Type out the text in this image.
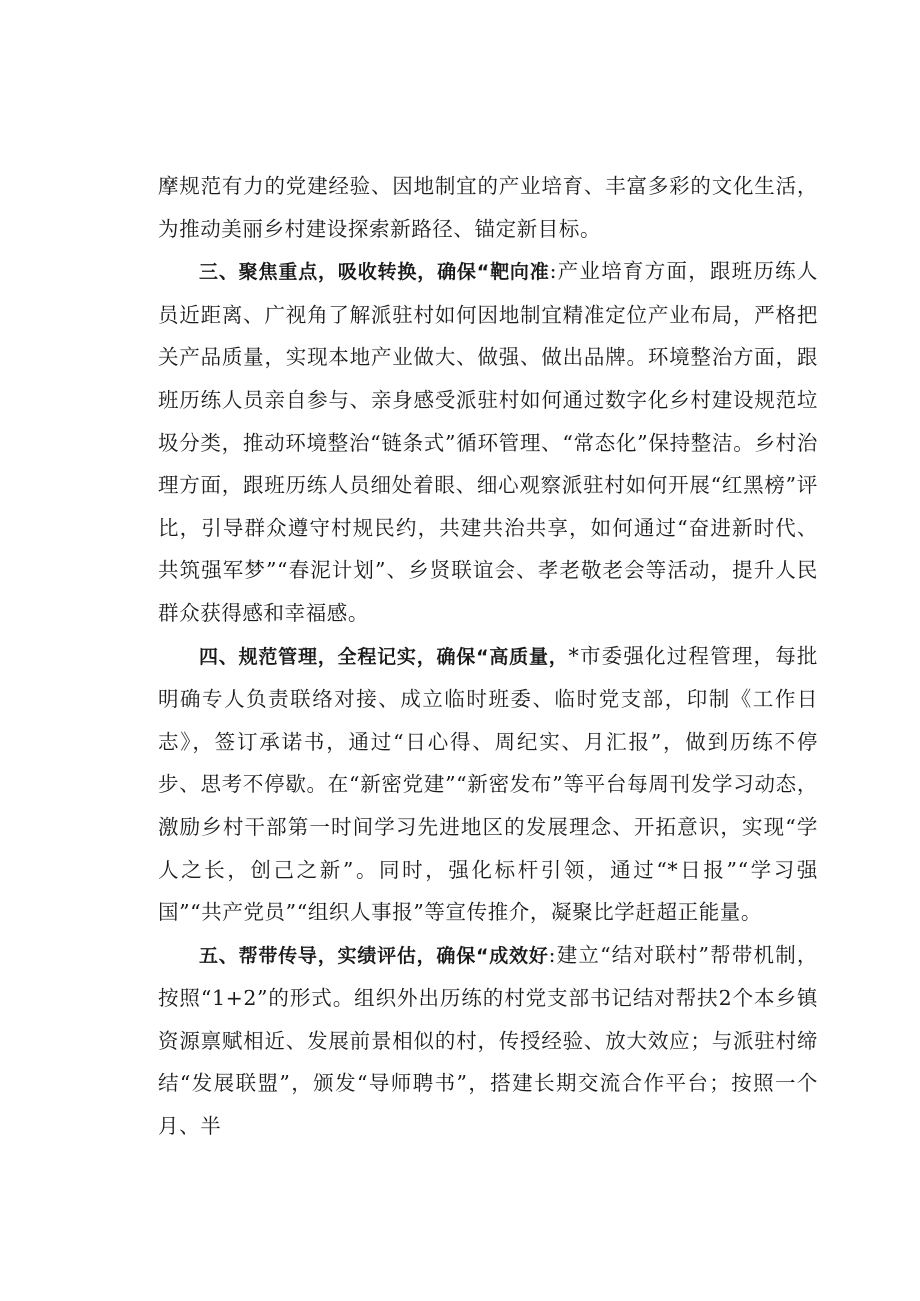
摩规范有力的党建经验、因地制宜的产业培育、丰富多彩的文化生活，为推动美丽乡村建设探索新路径、锚定新目标。

三、聚焦重点，吸收转换，确保“靶向准:产业培育方面，跟班历练人员近距离、广视角了解派驻村如何因地制宜精准定位产业布局，严格把关产品质量，实现本地产业做大、做强、做出品牌。环境整治方面，跟班历练人员亲自参与、亲身感受派驻村如何通过数字化乡村建设规范垃圾分类，推动环境整治“链条式”循环管理、“常态化”保持整洁。乡村治理方面，跟班历练人员细处着眼、细心观察派驻村如何开展“红黑榜”评比，引导群众遵守村规民约，共建共治共享，如何通过“奋进新时代、共筑强军梦”“春泥计划”、乡贤联谊会、孝老敬老会等活动，提升人民群众获得感和幸福感。

四、规范管理，全程记实，确保“高质量，*市委强化过程管理，每批明确专人负责联络对接、成立临时班委、临时党支部，印制《工作日志》，签订承诺书，通过“日心得、周纪实、月汇报”，做到历练不停步、思考不停歇。在“新密党建”“新密发布”等平台每周刊发学习动态，激励乡村干部第一时间学习先进地区的发展理念、开拓意识，实现“学人之长，创己之新”。同时，强化标杆引领，通过“*日报”“学习强国”“共产党员”“组织人事报”等宣传推介，凝聚比学赶超正能量。

五、帮带传导，实绩评估，确保“成效好:建立“结对联村”帮带机制，按照“1+2”的形式。组织外出历练的村党支部书记结对帮扶2个本乡镇资源禀赋相近、发展前景相似的村，传授经验、放大效应；与派驻村缔结“发展联盟”，颁发“导师聘书”，搭建长期交流合作平台；按照一个月、半
